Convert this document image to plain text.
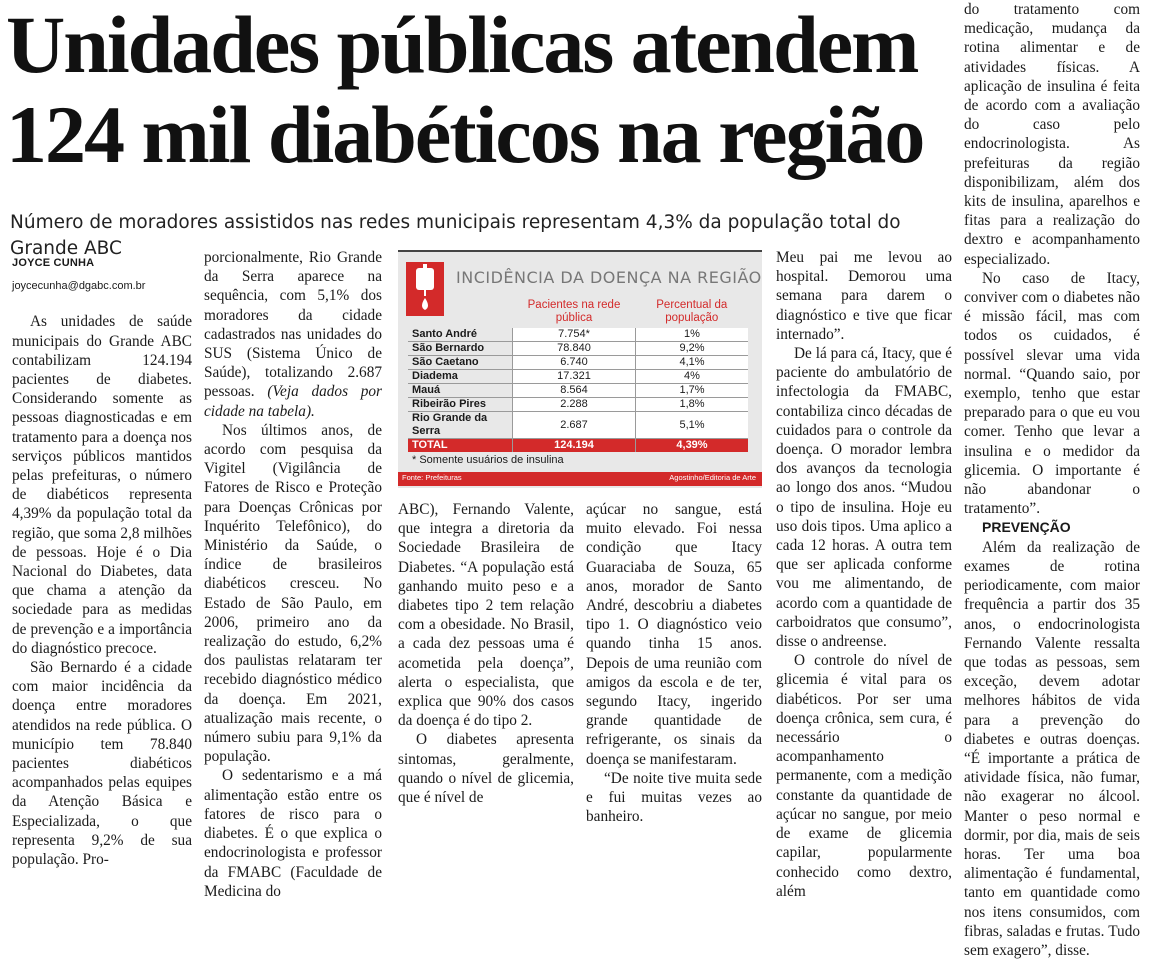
Unidades públicas atendem 124 mil diabéticos na região

Número de moradores assistidos nas redes municipais representam 4,3% da população total do Grande ABC

JOYCE CUNHA

joycecunha@dgabc.com.br

As unidades de saúde municipais do Grande ABC contabilizam 124.194 pacientes de diabetes. Considerando somente as pessoas diagnosticadas e em tratamento para a doença nos serviços públicos mantidos pelas prefeituras, o número de diabéticos representa 4,39% da população total da região, que soma 2,8 milhões de pessoas. Hoje é o Dia Nacional do Diabetes, data que chama a atenção da sociedade para as medidas de prevenção e a importância do diagnóstico precoce.

São Bernardo é a cidade com maior incidência da doença entre moradores atendidos na rede pública. O município tem 78.840 pacientes diabéticos acompanhados pelas equipes da Atenção Básica e Especializada, o que representa 9,2% de sua população. Pro-

porcionalmente, Rio Grande da Serra aparece na sequência, com 5,1% dos moradores da cidade cadastrados nas unidades do SUS (Sistema Único de Saúde), totalizando 2.687 pessoas. (Veja dados por cidade na tabela).

Nos últimos anos, de acordo com pesquisa da Vigitel (Vigilância de Fatores de Risco e Proteção para Doenças Crônicas por Inquérito Telefônico), do Ministério da Saúde, o índice de brasileiros diabéticos cresceu. No Estado de São Paulo, em 2006, primeiro ano da realização do estudo, 6,2% dos paulistas relataram ter recebido diagnóstico médico da doença. Em 2021, atualização mais recente, o número subiu para 9,1% da população.

O sedentarismo e a má alimentação estão entre os fatores de risco para o diabetes. É o que explica o endocrinologista e professor da FMABC (Faculdade de Medicina do

INCIDÊNCIA DA DOENÇA NA REGIÃO
	Pacientes na rede pública	Percentual da população
Santo André	7.754*	1%
São Bernardo	78.840	9,2%
São Caetano	6.740	4,1%
Diadema	17.321	4%
Mauá	8.564	1,7%
Ribeirão Pires	2.288	1,8%
Rio Grande da Serra	2.687	5,1%
TOTAL	124.194	4,39%
* Somente usuários de insulina
Fonte: Prefeituras	Agostinho/Editoria de Arte

ABC), Fernando Valente, que integra a diretoria da Sociedade Brasileira de Diabetes. “A população está ganhando muito peso e a diabetes tipo 2 tem relação com a obesidade. No Brasil, a cada dez pessoas uma é acometida pela doença”, alerta o especialista, que explica que 90% dos casos da doença é do tipo 2.

O diabetes apresenta sintomas, geralmente, quando o nível de glicemia, que é nível de

açúcar no sangue, está muito elevado. Foi nessa condição que Itacy Guaraciaba de Souza, 65 anos, morador de Santo André, descobriu a diabetes tipo 1. O diagnóstico veio quando tinha 15 anos. Depois de uma reunião com amigos da escola e de ter, segundo Itacy, ingerido grande quantidade de refrigerante, os sinais da doença se manifestaram.

“De noite tive muita sede e fui muitas vezes ao banheiro.

Meu pai me levou ao hospital. Demorou uma semana para darem o diagnóstico e tive que ficar internado”.

De lá para cá, Itacy, que é paciente do ambulatório de infectologia da FMABC, contabiliza cinco décadas de cuidados para o controle da doença. O morador lembra dos avanços da tecnologia ao longo dos anos. “Mudou o tipo de insulina. Hoje eu uso dois tipos. Uma aplico a cada 12 horas. A outra tem que ser aplicada conforme vou me alimentando, de acordo com a quantidade de carboidratos que consumo”, disse o andreense.

O controle do nível de glicemia é vital para os diabéticos. Por ser uma doença crônica, sem cura, é necessário o acompanhamento permanente, com a medição constante da quantidade de açúcar no sangue, por meio de exame de glicemia capilar, popularmente conhecido como dextro, além

do tratamento com medicação, mudança da rotina alimentar e de atividades físicas. A aplicação de insulina é feita de acordo com a avaliação do caso pelo endocrinologista. As prefeituras da região disponibilizam, além dos kits de insulina, aparelhos e fitas para a realização do dextro e acompanhamento especializado.

No caso de Itacy, conviver com o diabetes não é missão fácil, mas com todos os cuidados, é possível slevar uma vida normal. “Quando saio, por exemplo, tenho que estar preparado para o que eu vou comer. Tenho que levar a insulina e o medidor da glicemia. O importante é não abandonar o tratamento”.

PREVENÇÃO

Além da realização de exames de rotina periodicamente, com maior frequência a partir dos 35 anos, o endocrinologista Fernando Valente ressalta que todas as pessoas, sem exceção, devem adotar melhores hábitos de vida para a prevenção do diabetes e outras doenças. “É importante a prática de atividade física, não fumar, não exagerar no álcool. Manter o peso normal e dormir, por dia, mais de seis horas. Ter uma boa alimentação é fundamental, tanto em quantidade como nos itens consumidos, com fibras, saladas e frutas. Tudo sem exagero”, disse.
